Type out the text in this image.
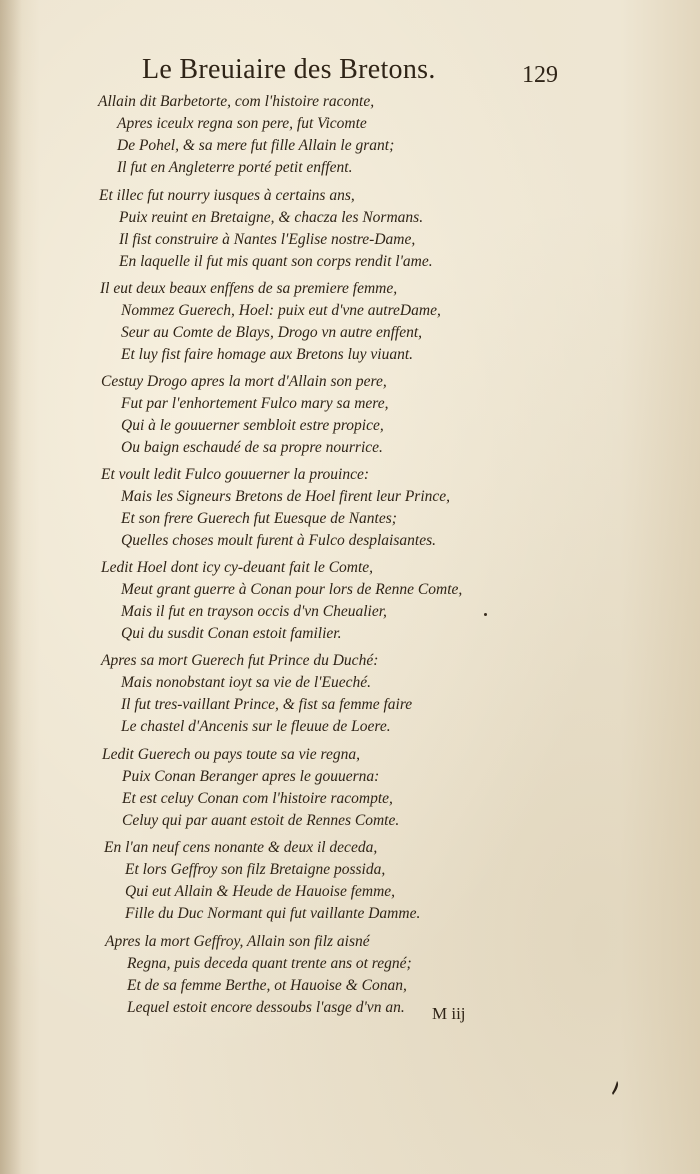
Le Breuiaire des Bretons.	129
Allain dit Barbetorte, com l'histoire raconte,
Apres iceulx regna son pere, fut Vicomte
De Pohel, & sa mere fut fille Allain le grant;
Il fut en Angleterre porté petit enffent.
Et illec fut nourry iusques à certains ans,
Puix reuint en Bretaigne, & chacza les Normans.
Il fist construire à Nantes l'Eglise nostre-Dame,
En laquelle il fut mis quant son corps rendit l'ame.
Il eut deux beaux enffens de sa premiere femme,
Nommez Guerech, Hoel: puix eut d'vne autreDame,
Seur au Comte de Blays, Drogo vn autre enffent,
Et luy fist faire homage aux Bretons luy viuant.
Cestuy Drogo apres la mort d'Allain son pere,
Fut par l'enhortement Fulco mary sa mere,
Qui à le gouuerner sembloit estre propice,
Ou baign eschaudé de sa propre nourrice.
Et voult ledit Fulco gouuerner la prouince:
Mais les Signeurs Bretons de Hoel firent leur Prince,
Et son frere Guerech fut Euesque de Nantes;
Quelles choses moult furent à Fulco desplaisantes.
Ledit Hoel dont icy cy-deuant fait le Comte,
Meut grant guerre à Conan pour lors de Renne Comte,
Mais il fut en trayson occis d'vn Cheualier,
Qui du susdit Conan estoit familier.
Apres sa mort Guerech fut Prince du Duché:
Mais nonobstant ioyt sa vie de l'Eueché.
Il fut tres-vaillant Prince, & fist sa femme faire
Le chastel d'Ancenis sur le fleuue de Loere.
Ledit Guerech ou pays toute sa vie regna,
Puix Conan Beranger apres le gouuerna:
Et est celuy Conan com l'histoire racompte,
Celuy qui par auant estoit de Rennes Comte.
En l'an neuf cens nonante & deux il deceda,
Et lors Geffroy son filz Bretaigne possida,
Qui eut Allain & Heude de Hauoise femme,
Fille du Duc Normant qui fut vaillante Damme.
Apres la mort Geffroy, Allain son filz aisné
Regna, puis deceda quant trente ans ot regné;
Et de sa femme Berthe, ot Hauoise & Conan,
Lequel estoit encore dessoubs l'asge d'vn an. M iij
